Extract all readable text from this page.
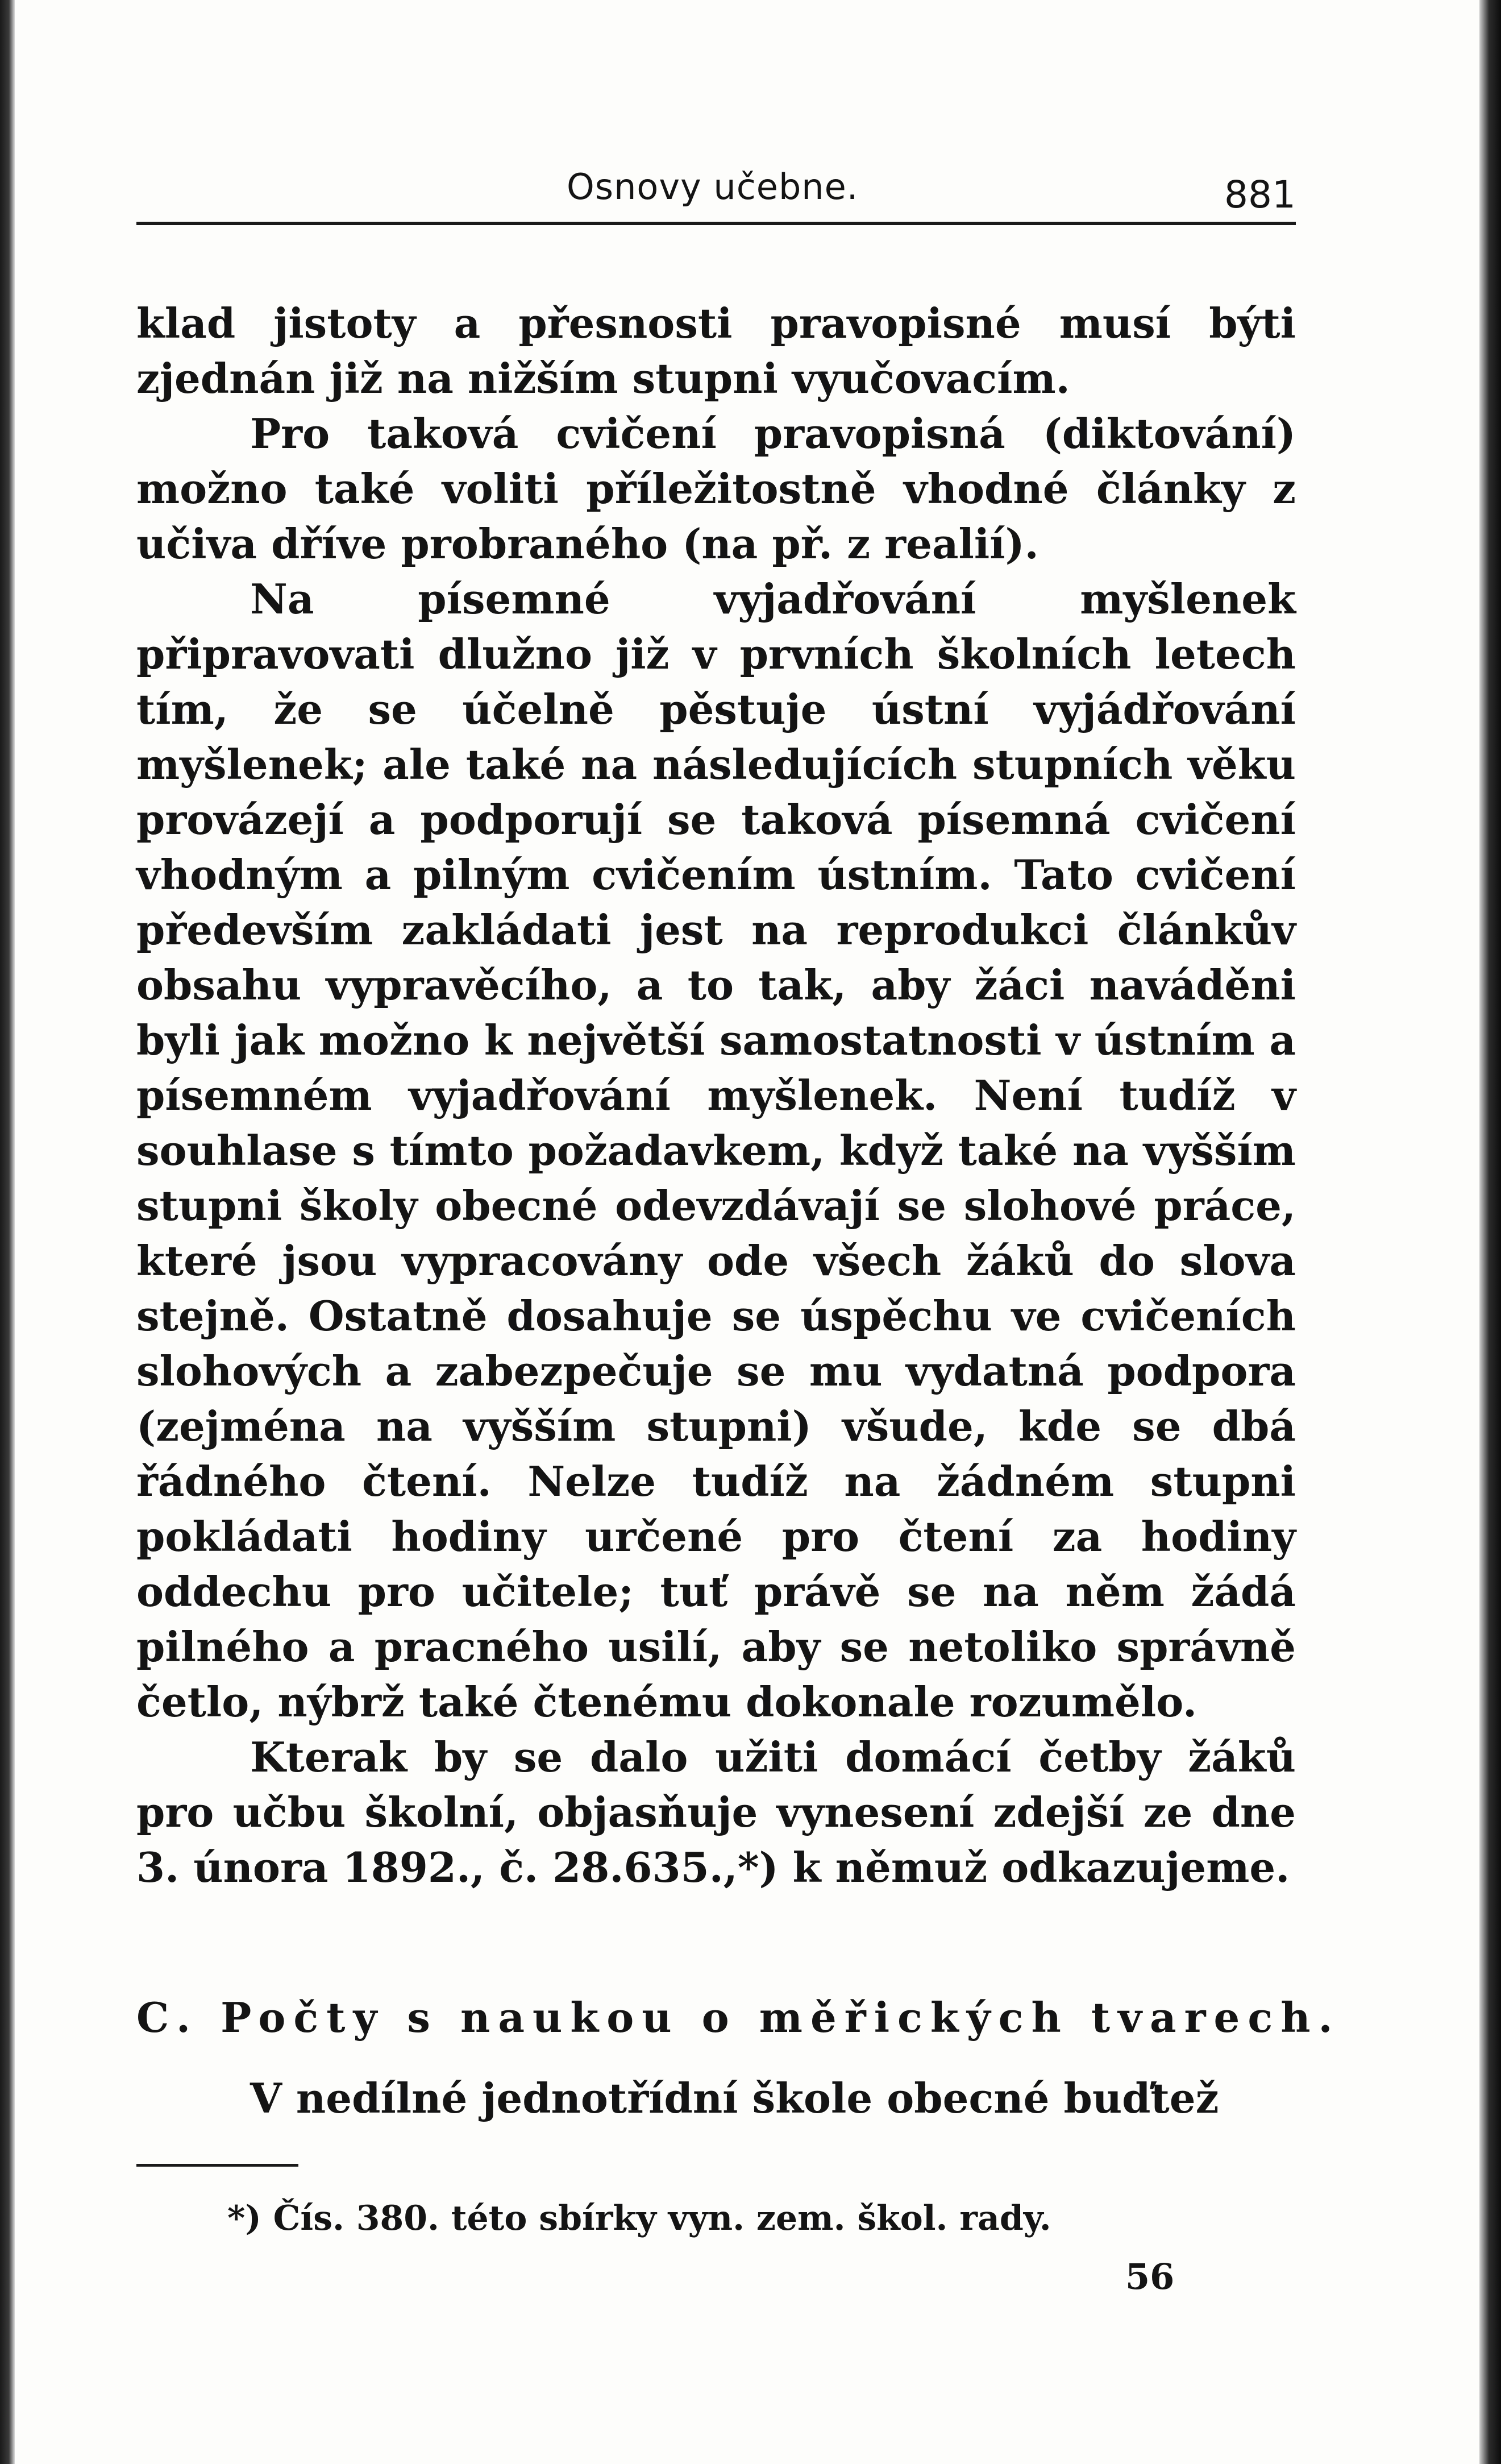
Osnovy učebne.	881

klad jistoty a přesnosti pravopisné musí býti zjednán již na nižším stupni vyučovacím.

Pro taková cvičení pravopisná (diktování) možno také voliti příležitostně vhodné články z učiva dříve probraného (na př. z realií).

Na písemné vyjadřování myšlenek připravovati dlužno již v prvních školních letech tím, že se účelně pěstuje ústní vyjádřování myšlenek; ale také na následujících stupních věku provázejí a podporují se taková písemná cvičení vhodným a pilným cvičením ústním. Tato cvičení především zakládati jest na reprodukci článkův obsahu vypravěcího, a to tak, aby žáci naváděni byli jak možno k největší samostatnosti v ústním a písemném vyjadřování myšlenek. Není tudíž v souhlase s tímto požadavkem, když také na vyšším stupni školy obecné odevzdávají se slohové práce, které jsou vypracovány ode všech žáků do slova stejně. Ostatně dosahuje se úspěchu ve cvičeních slohových a zabezpečuje se mu vydatná podpora (zejména na vyšším stupni) všude, kde se dbá řádného čtení. Nelze tudíž na žádném stupni pokládati hodiny určené pro čtení za hodiny oddechu pro učitele; tuť právě se na něm žádá pilného a pracného usilí, aby se netoliko správně četlo, nýbrž také čtenému dokonale rozumělo.

Kterak by se dalo užiti domácí četby žáků pro učbu školní, objasňuje vynesení zdejší ze dne 3. února 1892., č. 28.635.,*) k němuž odkazujeme.

C. Počty s naukou o měřických tvarech.
V nedílné jednotřídní škole obecné buďtež
*) Čís. 380. této sbírky vyn. zem. škol. rady.
56
